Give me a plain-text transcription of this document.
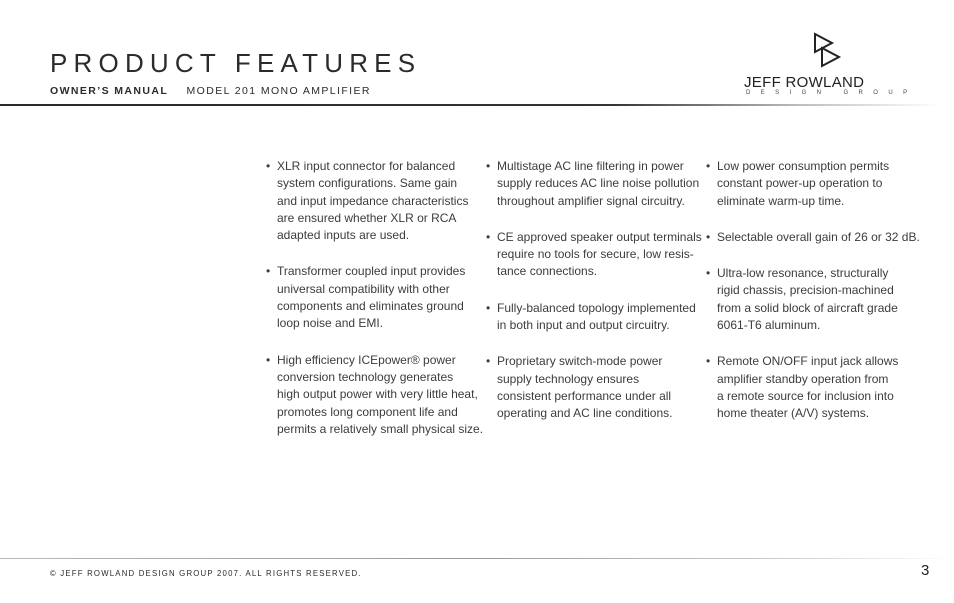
PRODUCT FEATURES
OWNER’S MANUAL MODEL 201 MONO AMPLIFIER	JEFF ROWLAND
DESIGN GROUP
• XLR input connector for balanced
system configurations. Same gain
and input impedance characteristics
are ensured whether XLR or RCA
adapted inputs are used.
• Transformer coupled input provides
universal compatibility with other
components and eliminates ground
loop noise and EMI.
• High efficiency ICEpower® power
conversion technology generates
high output power with very little heat,
promotes long component life and
permits a relatively small physical size.
• Multistage AC line filtering in power
supply reduces AC line noise pollution
throughout amplifier signal circuitry.
• CE approved speaker output terminals
require no tools for secure, low resis-
tance connections.
• Fully-balanced topology implemented
in both input and output circuitry.
• Proprietary switch-mode power
supply technology ensures
consistent performance under all
operating and AC line conditions.
• Low power consumption permits
constant power-up operation to
eliminate warm-up time.
• Selectable overall gain of 26 or 32 dB.
• Ultra-low resonance, structurally
rigid chassis, precision-machined
from a solid block of aircraft grade
6061-T6 aluminum.
• Remote ON/OFF input jack allows
amplifier standby operation from
a remote source for inclusion into
home theater (A/V) systems.
© JEFF ROWLAND DESIGN GROUP 2007. ALL RIGHTS RESERVED.	3
